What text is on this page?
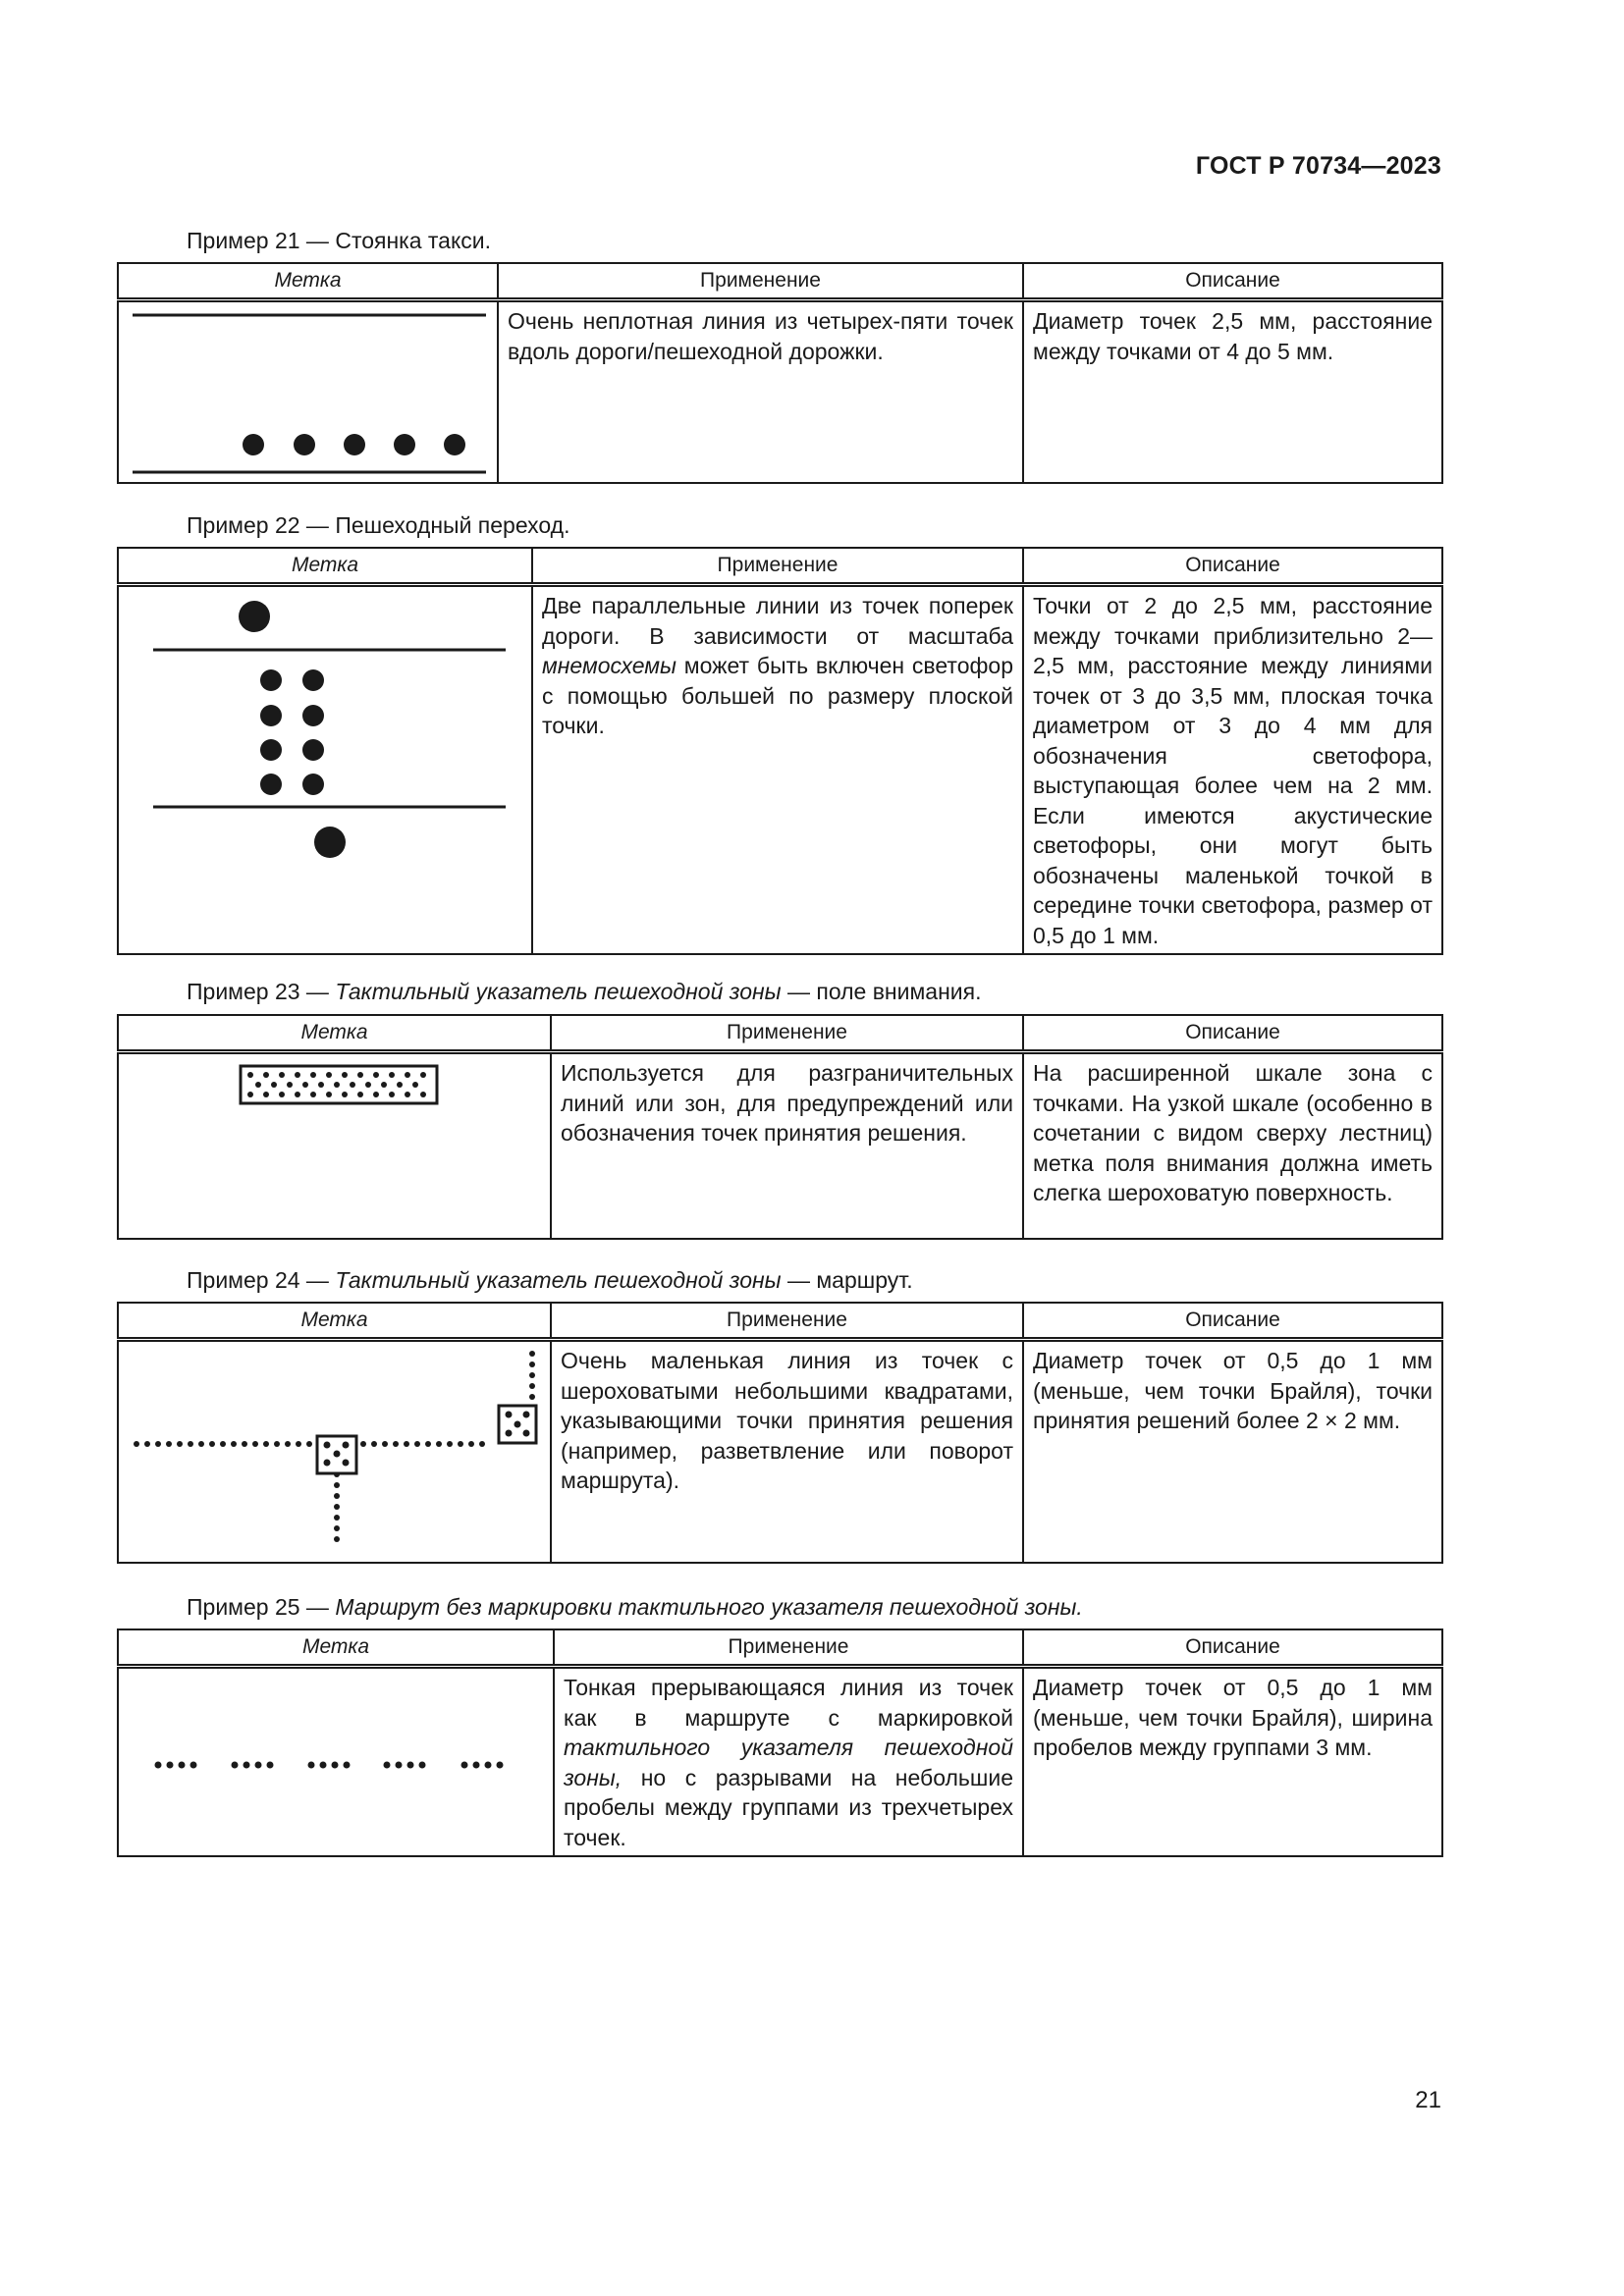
ГОСТ Р 70734—2023
Пример 21 — Стоянка такси.
Метка	Применение	Описание

	Очень неплотная линия из четырех-пяти точек вдоль дороги/пешеходной дорожки.	Диаметр точек 2,5 мм, расстояние между точками от 4 до 5 мм.
Пример 22 — Пешеходный переход.
Метка	Применение	Описание

	Две параллельные линии из точек поперек дороги. В зависимости от масштаба мнемосхемы может быть включен светофор с помощью большей по размеру плоской точки.	Точки от 2 до 2,5 мм, расстояние между точками приблизительно 2—2,5 мм, расстояние между линиями точек от 3 до 3,5 мм, плоская точка диаметром от 3 до 4 мм для обозначения светофора, выступающая более чем на 2 мм. Если имеются акустические светофоры, они могут быть обозначены маленькой точкой в середине точки светофора, размер от 0,5 до 1 мм.
Пример 23 — Тактильный указатель пешеходной зоны — поле внимания.
Метка	Применение	Описание

	Используется для разграничительных линий или зон, для предупреждений или обозначения точек принятия решения.	На расширенной шкале зона с точками. На узкой шкале (особенно в сочетании с видом сверху лестниц) метка поля внимания должна иметь слегка шероховатую поверхность.
Пример 24 — Тактильный указатель пешеходной зоны — маршрут.
Метка	Применение	Описание

	Очень маленькая линия из точек с шероховатыми небольшими квадратами, указывающими точки принятия решения (например, разветвление или поворот маршрута).	Диаметр точек от 0,5 до 1 мм (меньше, чем точки Брайля), точки принятия решений более 2 × 2 мм.
Пример 25 — Маршрут без маркировки тактильного указателя пешеходной зоны.
Метка	Применение	Описание

	Тонкая прерывающаяся линия из точек как в маршруте с маркировкой тактильного указателя пешеходной зоны, но с разрывами на небольшие пробелы между группами из трехчетырех точек.	Диаметр точек от 0,5 до 1 мм (меньше, чем точки Брайля), ширина пробелов между группами 3 мм.
21
